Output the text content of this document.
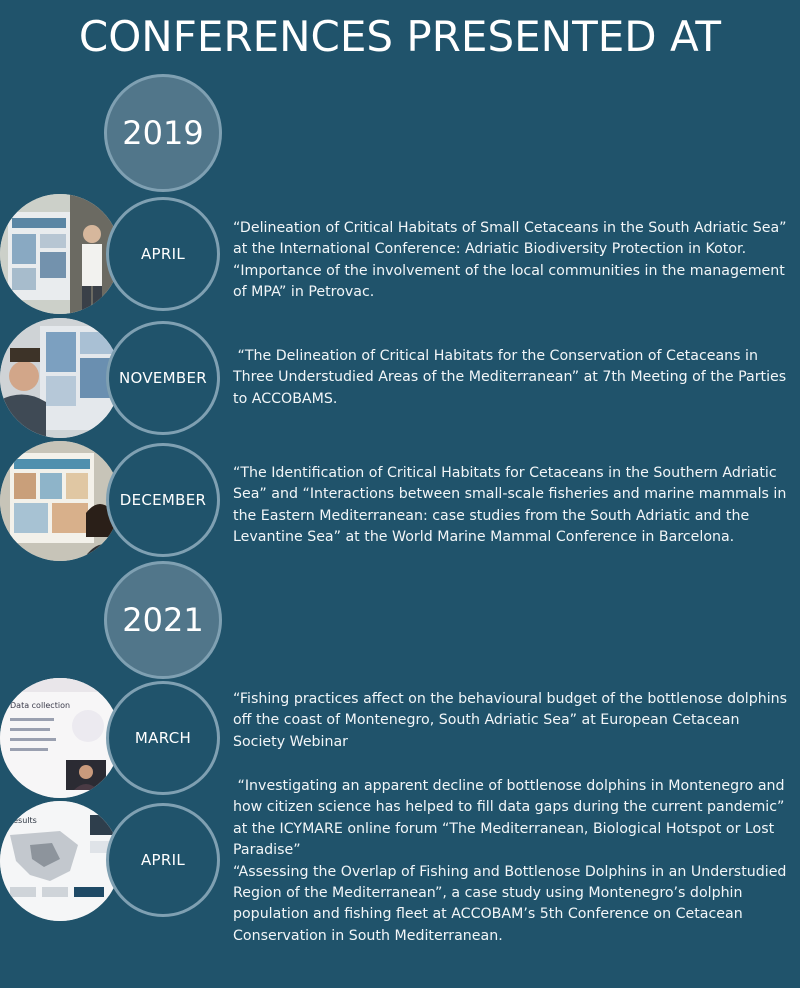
CONFERENCES PRESENTED AT
2019
APRIL

“Delineation of Critical Habitats of Small Cetaceans in the South Adriatic Sea” at the International Conference: Adriatic Biodiversity Protection in Kotor.

“Importance of the involvement of the local communities in the management of MPA” in Petrovac.

NOVEMBER

“The Delineation of Critical Habitats for the Conservation of Cetaceans in Three Understudied Areas of the Mediterranean” at 7th Meeting of the Parties to ACCOBAMS.

DECEMBER

“The Identification of Critical Habitats for Cetaceans in the Southern Adriatic Sea” and “Interactions between small-scale fisheries and marine mammals in the Eastern Mediterranean: case studies from the South Adriatic and the Levantine Sea” at the World Marine Mammal Conference in Barcelona.

2021
Data collection
MARCH

“Fishing practices affect on the behavioural budget of the bottlenose dolphins off the coast of Montenegro, South Adriatic Sea” at European Cetacean Society Webinar

results
APRIL

“Investigating an apparent decline of bottlenose dolphins in Montenegro and how citizen science has helped to fill data gaps during the current pandemic” at the ICYMARE online forum “The Mediterranean, Biological Hotspot or Lost Paradise”

“Assessing the Overlap of Fishing and Bottlenose Dolphins in an Understudied Region of the Mediterranean”, a case study using Montenegro’s dolphin population and fishing fleet at ACCOBAM’s 5th Conference on Cetacean Conservation in South Mediterranean.
